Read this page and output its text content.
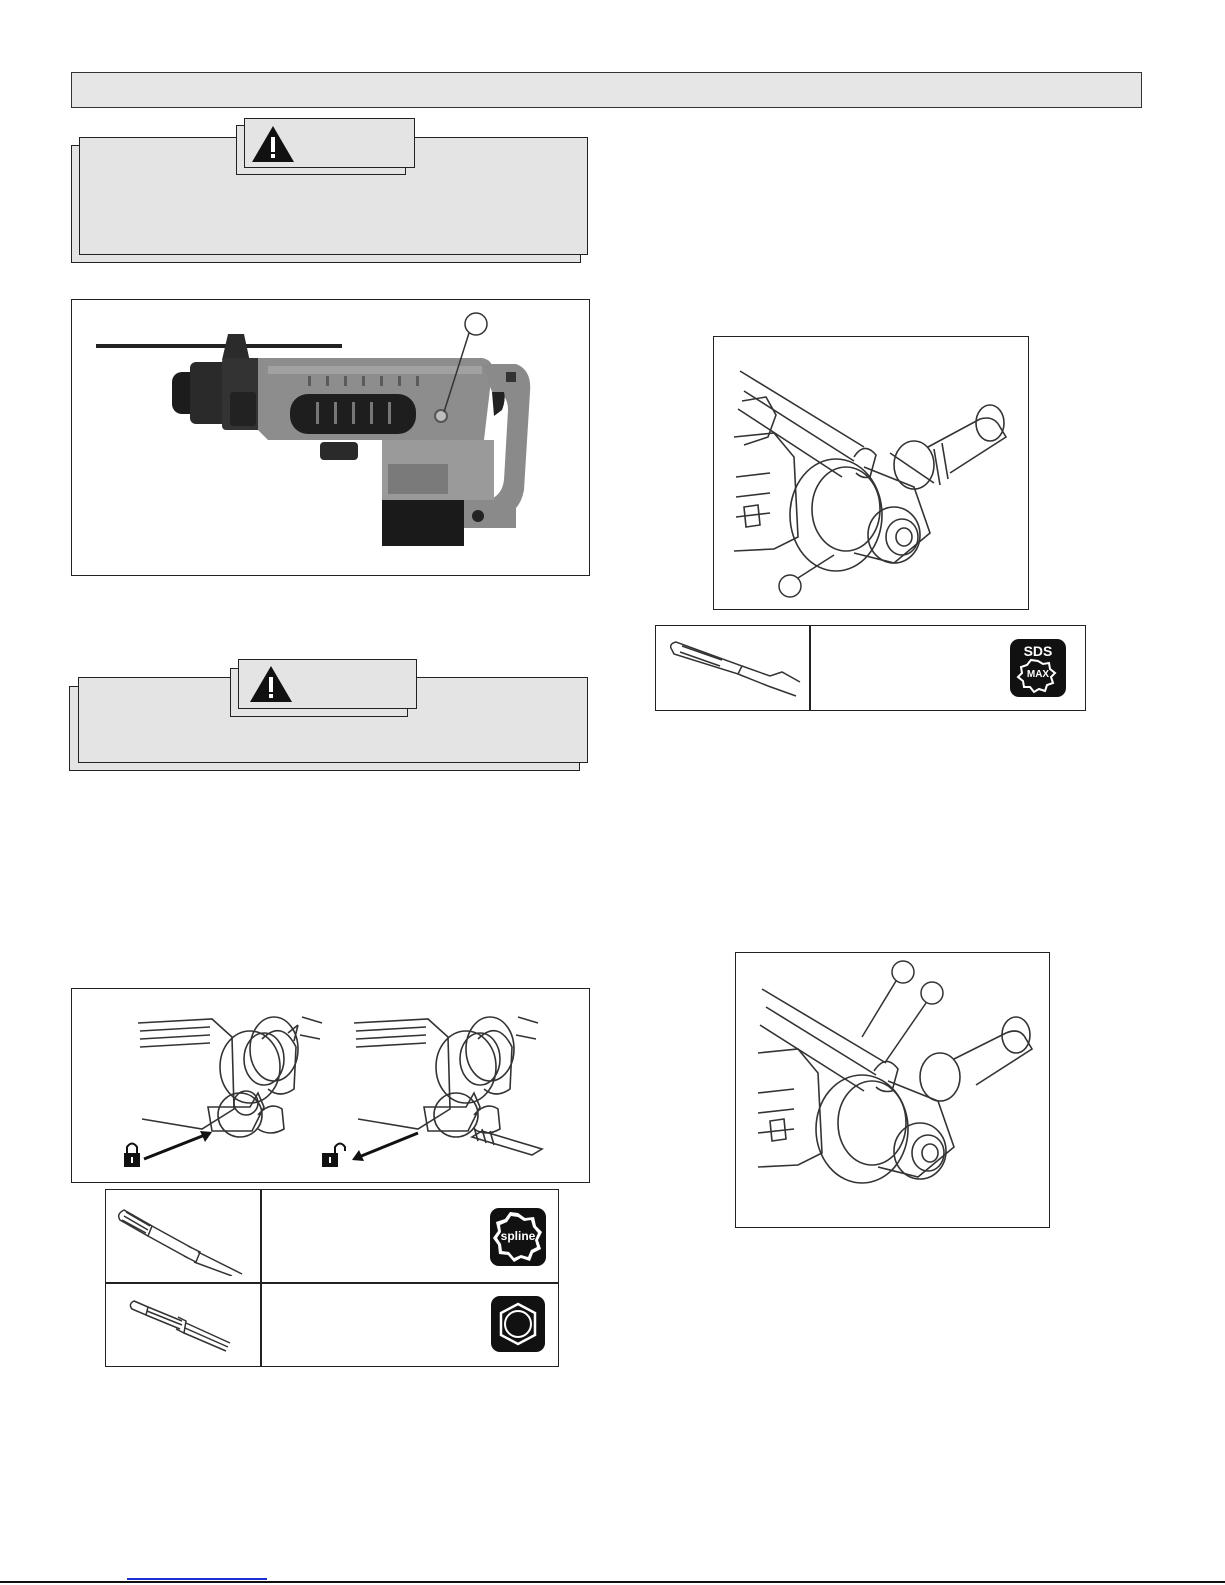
spline
SDS
MAX
